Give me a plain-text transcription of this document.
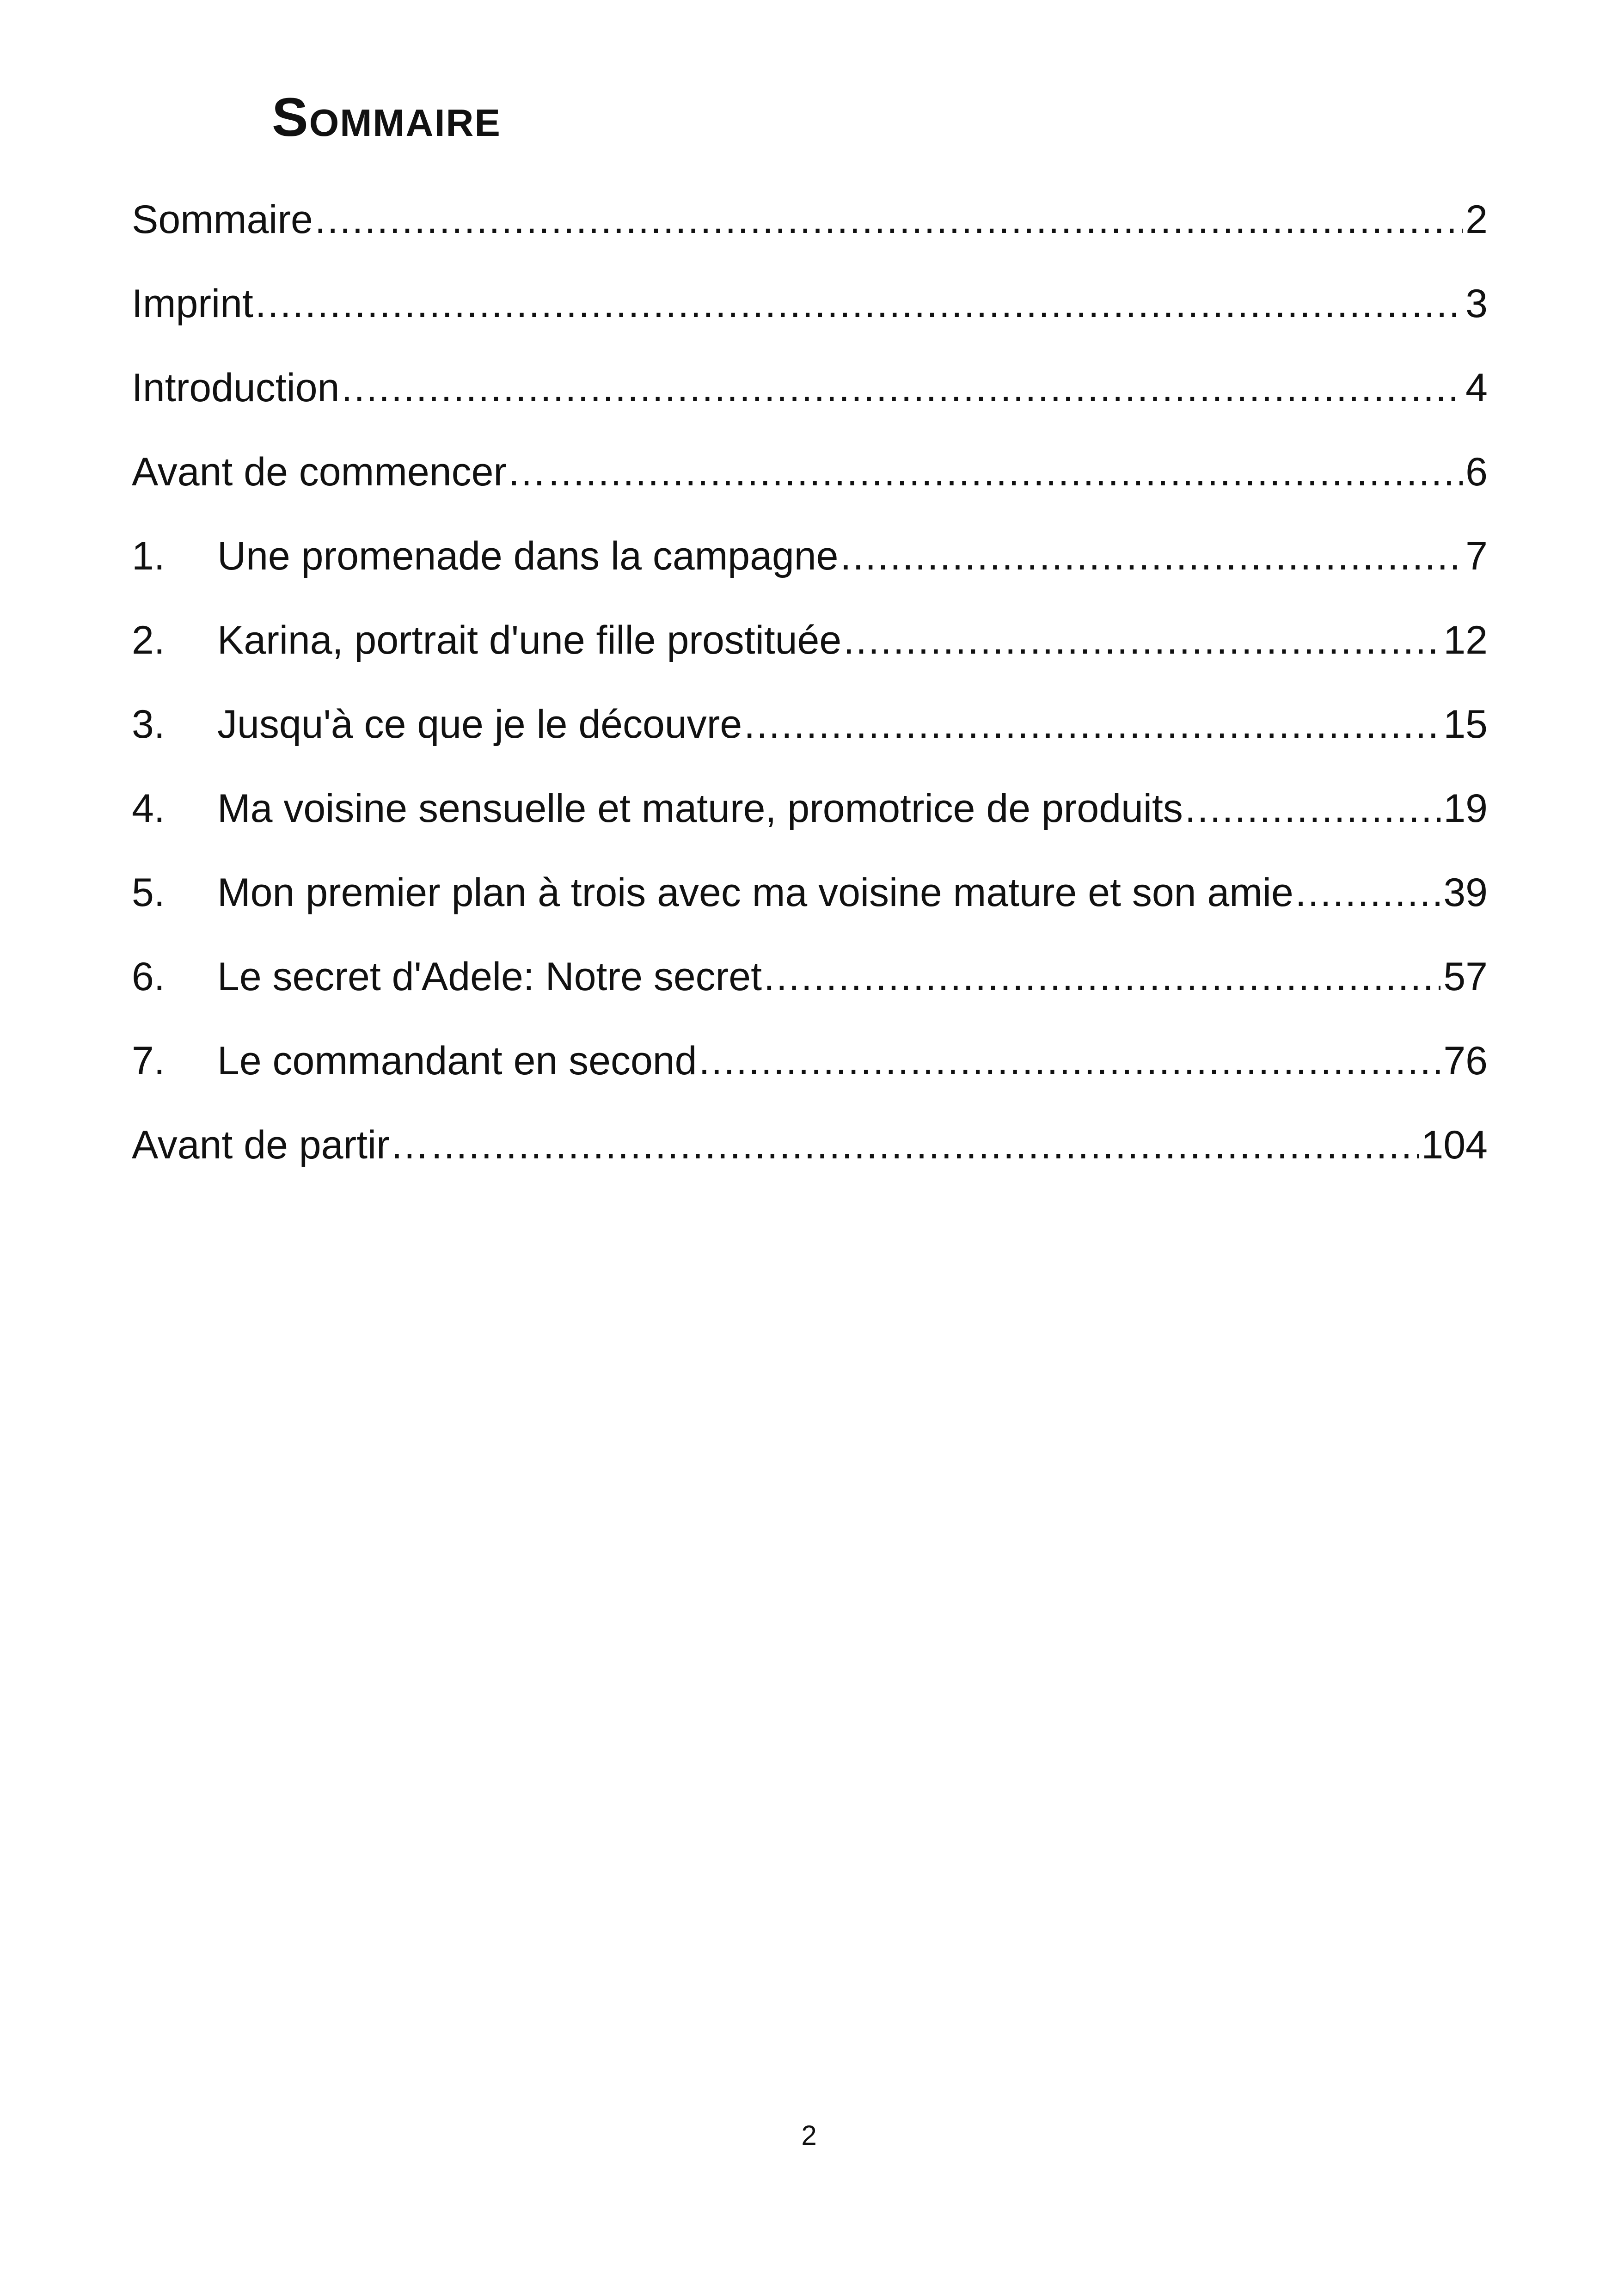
Sommaire
Sommaire .....	2
Imprint .....	3
Introduction .....	4
Avant de commencer… .....	6
1.	Une promenade dans la campagne .....	7
2.	Karina, portrait d'une fille prostituée .....	12
3.	Jusqu'à ce que je le découvre .....	15
4.	Ma voisine sensuelle et mature, promotrice de produits .....	19
5.	Mon premier plan à trois avec ma voisine mature et son amie .....	39
6.	Le secret d'Adele: Notre secret .....	57
7.	Le commandant en second .....	76
Avant de partir… .....	104
2
